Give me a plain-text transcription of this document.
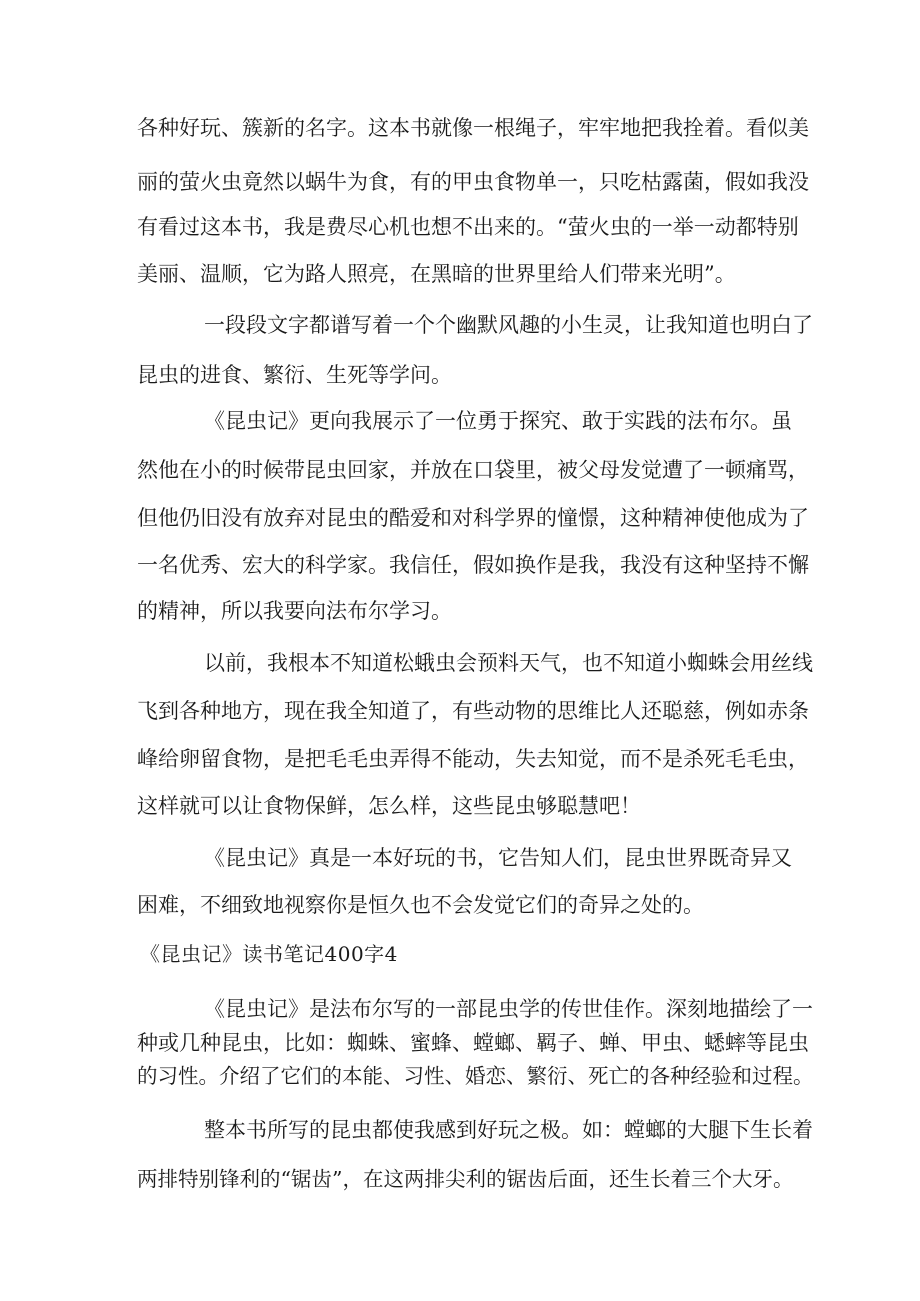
各种好玩、簇新的名字。这本书就像一根绳子，牢牢地把我拴着。看似美
丽的萤火虫竟然以蜗牛为食，有的甲虫食物单一，只吃枯露菌，假如我没
有看过这本书，我是费尽心机也想不出来的。“萤火虫的一举一动都特别
美丽、温顺，它为路人照亮，在黑暗的世界里给人们带来光明”。
一段段文字都谱写着一个个幽默风趣的小生灵，让我知道也明白了
昆虫的进食、繁衍、生死等学问。
《昆虫记》更向我展示了一位勇于探究、敢于实践的法布尔。虽
然他在小的时候带昆虫回家，并放在口袋里，被父母发觉遭了一顿痛骂，
但他仍旧没有放弃对昆虫的酷爱和对科学界的憧憬，这种精神使他成为了
一名优秀、宏大的科学家。我信任，假如换作是我，我没有这种坚持不懈
的精神，所以我要向法布尔学习。
以前，我根本不知道松蛾虫会预料天气，也不知道小蜘蛛会用丝线
飞到各种地方，现在我全知道了，有些动物的思维比人还聪慈，例如赤条
峰给卵留食物，是把毛毛虫弄得不能动，失去知觉，而不是杀死毛毛虫，
这样就可以让食物保鲜，怎么样，这些昆虫够聪慧吧！
《昆虫记》真是一本好玩的书，它告知人们，昆虫世界既奇异又
困难，不细致地视察你是恒久也不会发觉它们的奇异之处的。
《昆虫记》读书笔记400字4
《昆虫记》是法布尔写的一部昆虫学的传世佳作。深刻地描绘了一
种或几种昆虫，比如：蜘蛛、蜜蜂、螳螂、羁子、蝉、甲虫、蟋蟀等昆虫
的习性。介绍了它们的本能、习性、婚恋、繁衍、死亡的各种经验和过程。
整本书所写的昆虫都使我感到好玩之极。如：螳螂的大腿下生长着
两排特别锋利的“锯齿”，在这两排尖利的锯齿后面，还生长着三个大牙。
